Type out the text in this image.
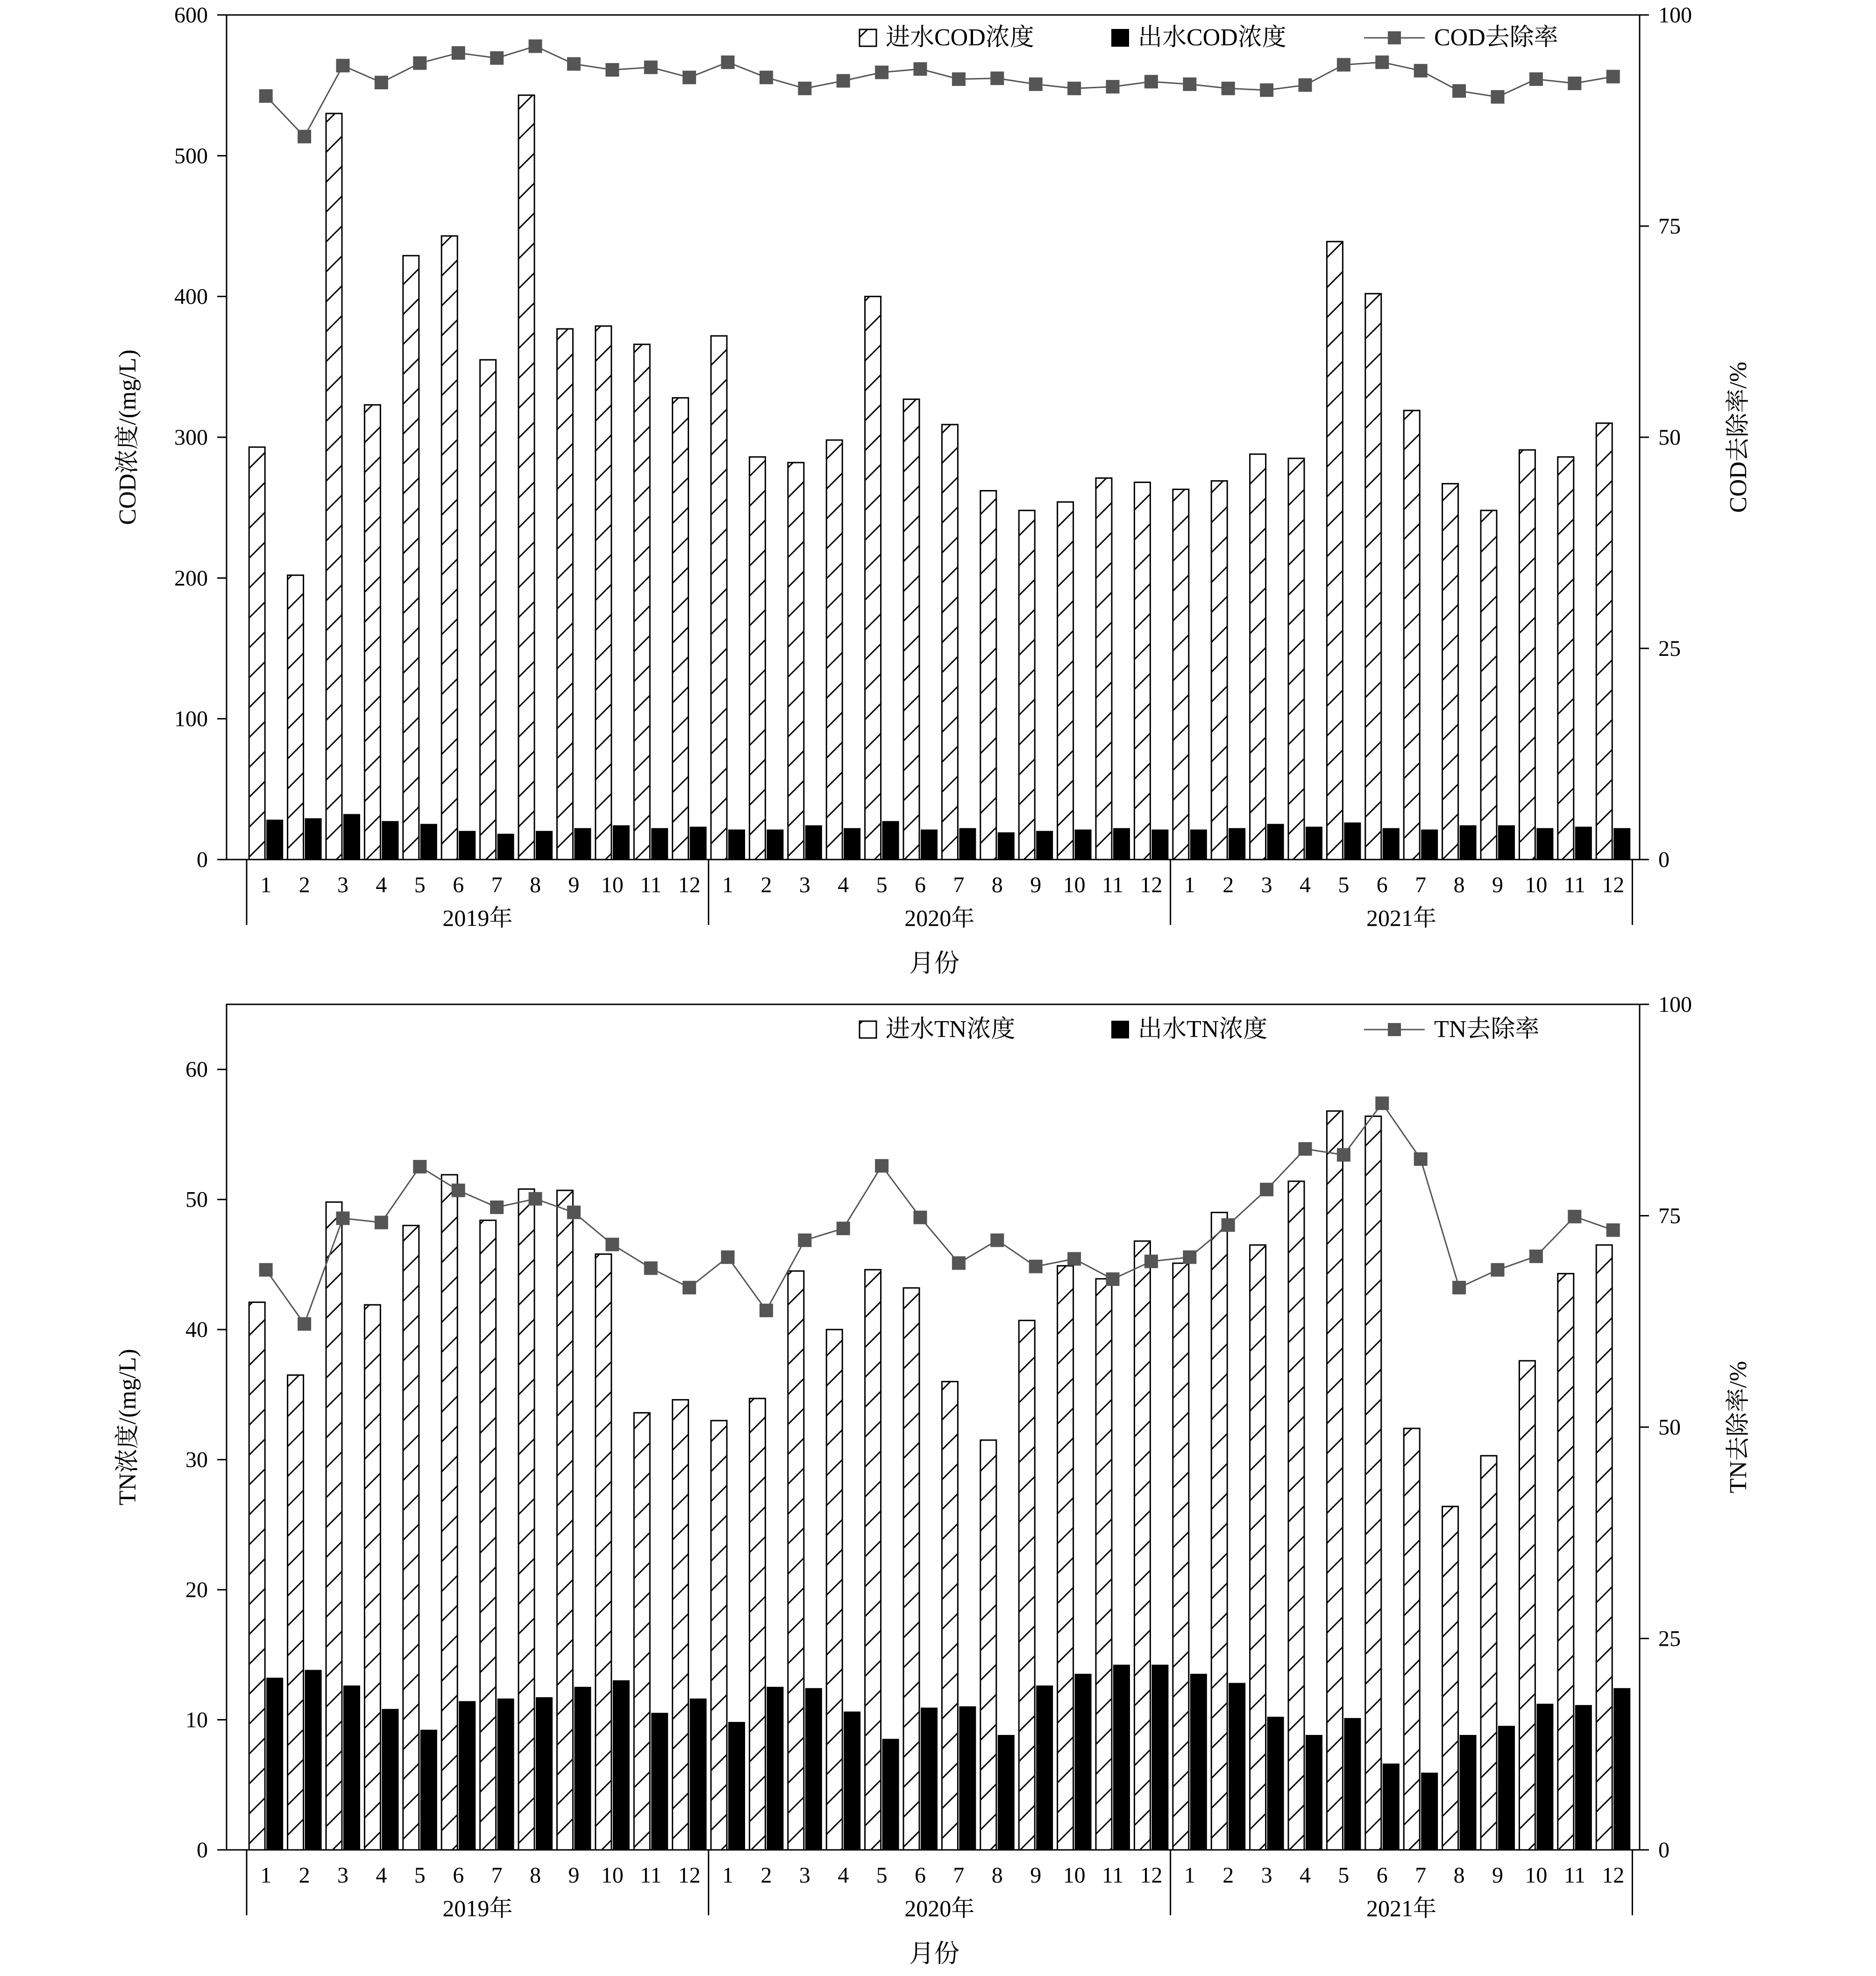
0
100
200
300
400
500
600
0
25
50
75
100
COD浓度/(mg/L)	COD去除率/%
2019年	2020年	2021年
1 2 3 4 5 6 7 8 9 10 11 12 1 2 3 4 5 6 7 8 9 10 11 12 1 2 3 4 5 6 7 8 9 10 11 12
月份
进水COD浓度	出水COD浓度	COD去除率
0
10
20
30
40
50
60
0
25
50
75
100
TN浓度/(mg/L)	TN去除率/%
2019年	2020年	2021年
1 2 3 4 5 6 7 8 9 10 11 12 1 2 3 4 5 6 7 8 9 10 11 12 1 2 3 4 5 6 7 8 9 10 11 12
月份
进水TN浓度	出水TN浓度	TN去除率
